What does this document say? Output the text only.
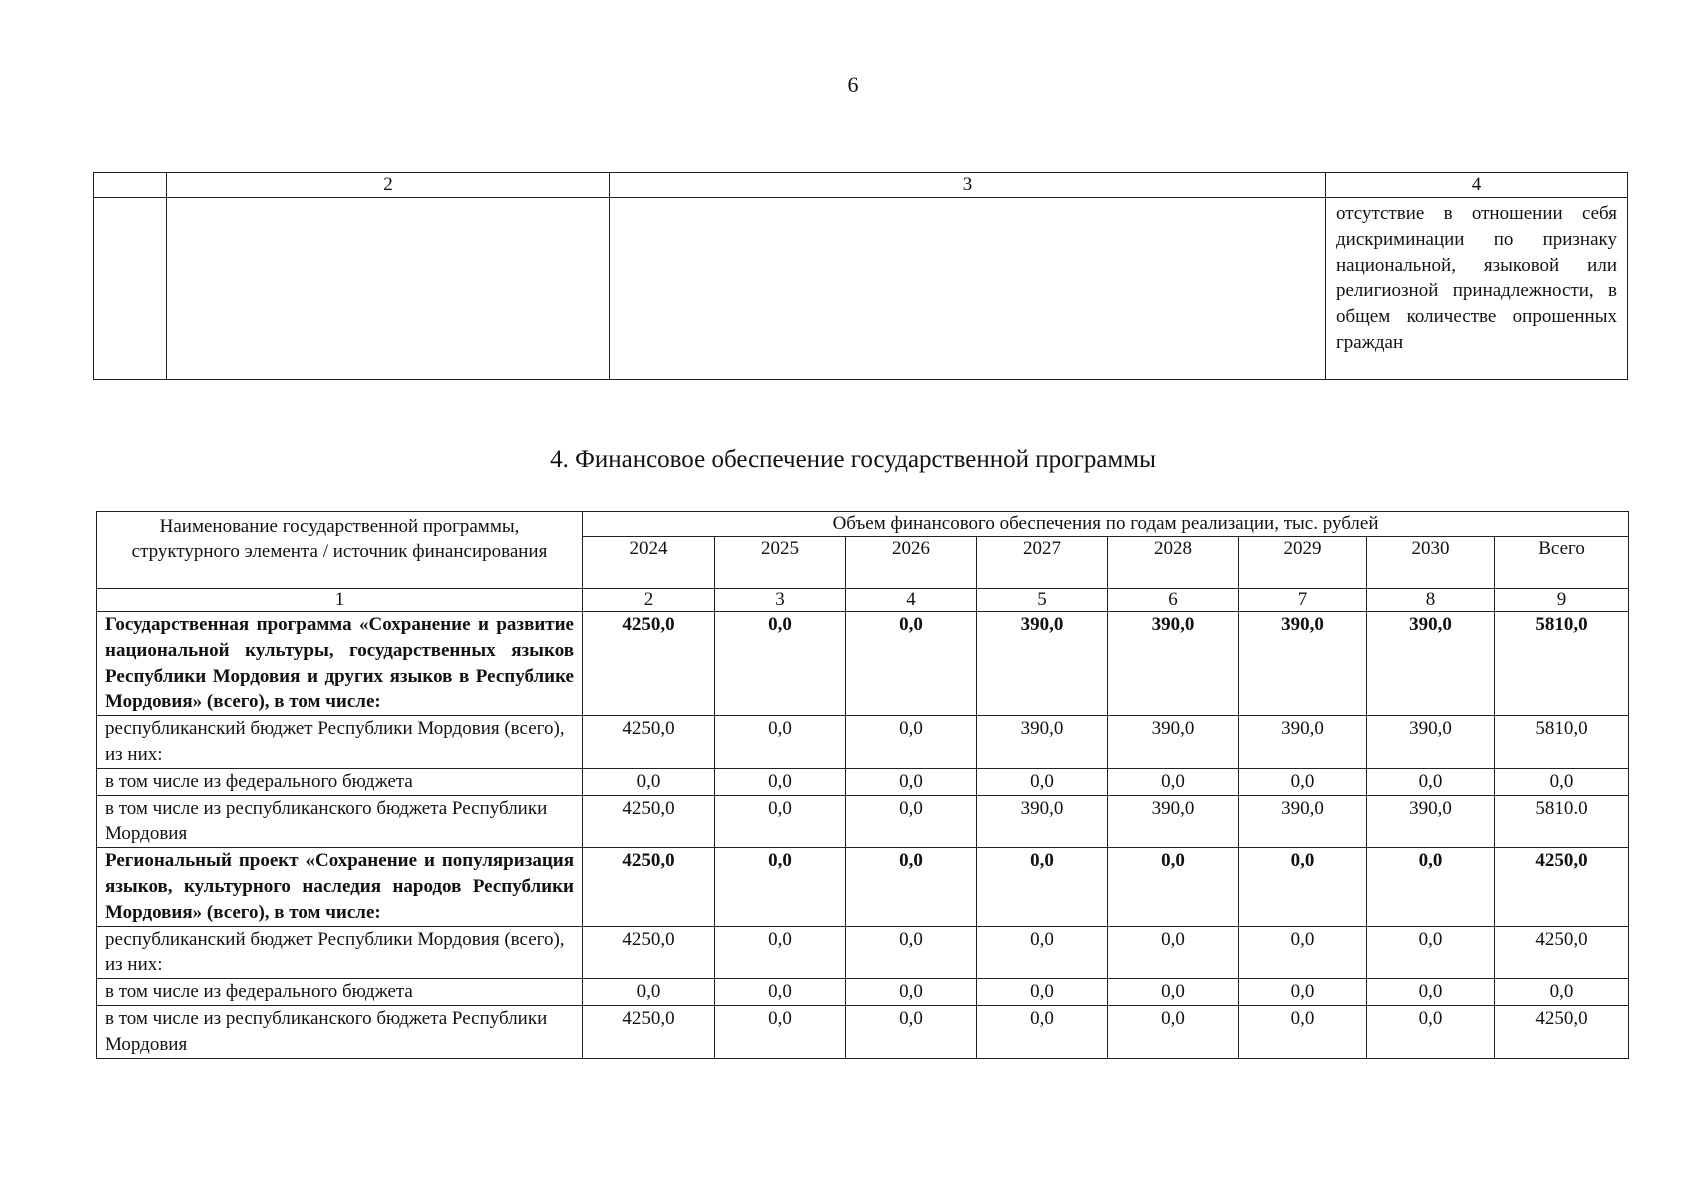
6
	2	3	4
			отсутствие в отношении себя дискриминации по признаку национальной, языковой или религиозной принадлежности, в общем количестве опрошенных граждан
4. Финансовое обеспечение государственной программы
Наименование государственной программы, структурного элемента / источник финансирования	Объем финансового обеспечения по годам реализации, тыс. рублей							
	2024	2025	2026	2027	2028	2029	2030	Всего
1	2	3	4	5	6	7	8	9
Государственная программа «Сохранение и развитие национальной культуры, государственных языков Республики Мордовия и других языков в Республике Мордовия» (всего), в том числе:	4250,0	0,0	0,0	390,0	390,0	390,0	390,0	5810,0
республиканский бюджет Республики Мордовия (всего), из них:	4250,0	0,0	0,0	390,0	390,0	390,0	390,0	5810,0
в том числе из федерального бюджета	0,0	0,0	0,0	0,0	0,0	0,0	0,0	0,0
в том числе из республиканского бюджета Республики Мордовия	4250,0	0,0	0,0	390,0	390,0	390,0	390,0	5810.0
Региональный проект «Сохранение и популяризация языков, культурного наследия народов Республики Мордовия» (всего), в том числе:	4250,0	0,0	0,0	0,0	0,0	0,0	0,0	4250,0
республиканский бюджет Республики Мордовия (всего), из них:	4250,0	0,0	0,0	0,0	0,0	0,0	0,0	4250,0
в том числе из федерального бюджета	0,0	0,0	0,0	0,0	0,0	0,0	0,0	0,0
в том числе из республиканского бюджета Республики Мордовия	4250,0	0,0	0,0	0,0	0,0	0,0	0,0	4250,0
